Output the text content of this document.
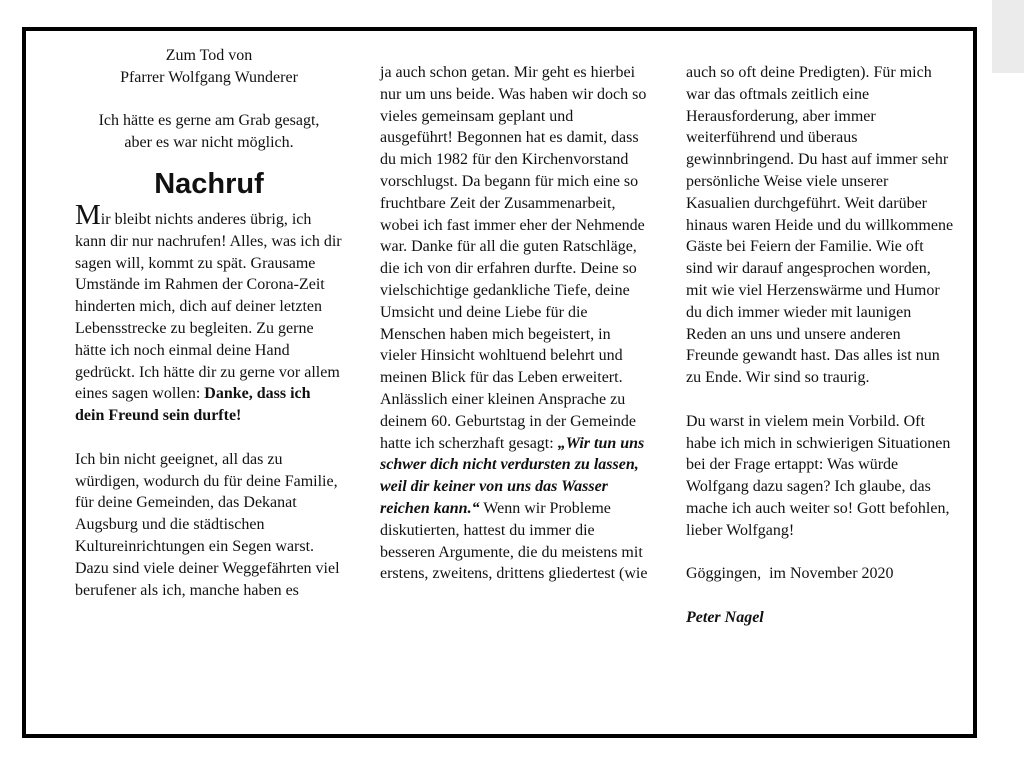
Zum Tod von
Pfarrer Wolfgang Wunderer
Ich hätte es gerne am Grab gesagt,
aber es war nicht möglich.
Nachruf

Mir bleibt nichts anderes übrig, ich kann dir nur nachrufen! Alles, was ich dir sagen will, kommt zu spät. Grausame Umstände im Rahmen der Corona-Zeit hinderten mich, dich auf deiner letzten Lebensstrecke zu begleiten. Zu gerne hätte ich noch einmal deine Hand gedrückt. Ich hätte dir zu gerne vor allem eines sagen wollen: Danke, dass ich dein Freund sein durfte!

Ich bin nicht geeignet, all das zu würdigen, wodurch du für deine Familie, für deine Gemeinden, das Dekanat Augsburg und die städtischen Kultureinrichtungen ein Segen warst. Dazu sind viele deiner Weggefährten viel berufener als ich, manche haben es

ja auch schon getan. Mir geht es hierbei nur um uns beide. Was haben wir doch so vieles gemeinsam geplant und ausgeführt! Begonnen hat es damit, dass du mich 1982 für den Kirchenvorstand vorschlugst. Da begann für mich eine so fruchtbare Zeit der Zusammenarbeit, wobei ich fast immer eher der Nehmende war. Danke für all die guten Ratschläge, die ich von dir erfahren durfte. Deine so vielschichtige gedankliche Tiefe, deine Umsicht und deine Liebe für die Menschen haben mich begeistert, in vieler Hinsicht wohltuend belehrt und meinen Blick für das Leben erweitert. Anlässlich einer kleinen Ansprache zu deinem 60. Geburtstag in der Gemeinde hatte ich scherzhaft gesagt: „Wir tun uns schwer dich nicht verdursten zu lassen, weil dir keiner von uns das Wasser reichen kann.“ Wenn wir Probleme diskutierten, hattest du immer die besseren Argumente, die du meistens mit erstens, zweitens, drittens gliedertest (wie

auch so oft deine Predigten). Für mich war das oftmals zeitlich eine Herausforderung, aber immer weiterführend und überaus gewinnbringend. Du hast auf immer sehr persönliche Weise viele unserer Kasualien durchgeführt. Weit darüber hinaus waren Heide und du willkommene Gäste bei Feiern der Familie. Wie oft sind wir darauf angesprochen worden, mit wie viel Herzenswärme und Humor du dich immer wieder mit launigen Reden an uns und unsere anderen Freunde gewandt hast. Das alles ist nun zu Ende. Wir sind so traurig.

Du warst in vielem mein Vorbild. Oft habe ich mich in schwierigen Situationen bei der Frage ertappt: Was würde Wolfgang dazu sagen? Ich glaube, das mache ich auch weiter so! Gott befohlen, lieber Wolfgang!

Göggingen,  im November 2020

Peter Nagel
